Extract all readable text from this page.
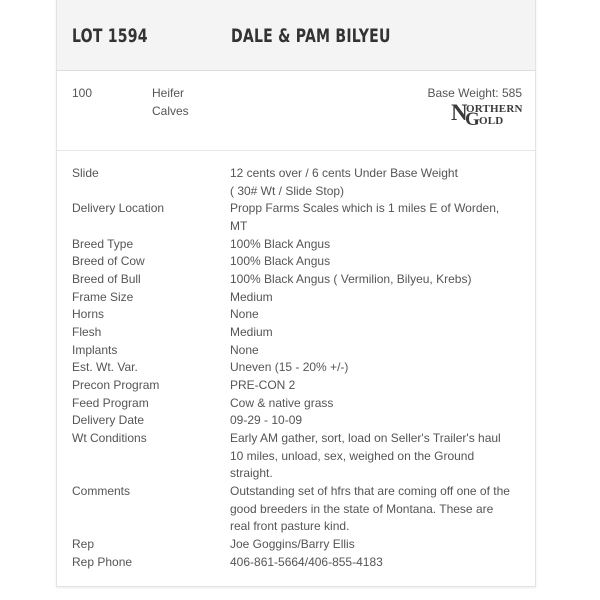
LOT 1594	DALE & PAM BILYEU
100	Heifer
Calves
Base Weight: 585
N
ORTHERN
G OLD
Slide	12 cents over / 6 cents Under Base Weight
( 30# Wt / Slide Stop)
Delivery Location	Propp Farms Scales which is 1 miles E of Worden,
MT
Breed Type	100% Black Angus
Breed of Cow	100% Black Angus
Breed of Bull	100% Black Angus ( Vermilion, Bilyeu, Krebs)
Frame Size	Medium
Horns	None
Flesh	Medium
Implants	None
Est. Wt. Var.	Uneven (15 - 20% +/-)
Precon Program	PRE-CON 2
Feed Program	Cow & native grass
Delivery Date	09-29 - 10-09
Wt Conditions	Early AM gather, sort, load on Seller's Trailer's haul
10 miles, unload, sex, weighed on the Ground
straight.
Comments	Outstanding set of hfrs that are coming off one of the
good breeders in the state of Montana. These are
real front pasture kind.
Rep	Joe Goggins/Barry Ellis
Rep Phone	406-861-5664/406-855-4183
